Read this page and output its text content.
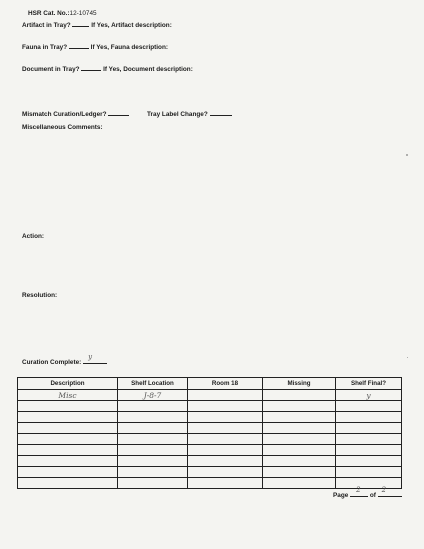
HSR Cat. No.:12-10745
Artifact in Tray?	If Yes, Artifact description:
Fauna in Tray?	If Yes, Fauna description:
Document in Tray?	If Yes, Document description:
Mismatch Curation/Ledger?	Tray Label Change?
Miscellaneous Comments:
Action:
Resolution:
Curation Complete:
y
Description	Shelf Location	Room 18	Missing	Shelf Final?
Misc	J-8-7			y

Page
2
of
2
